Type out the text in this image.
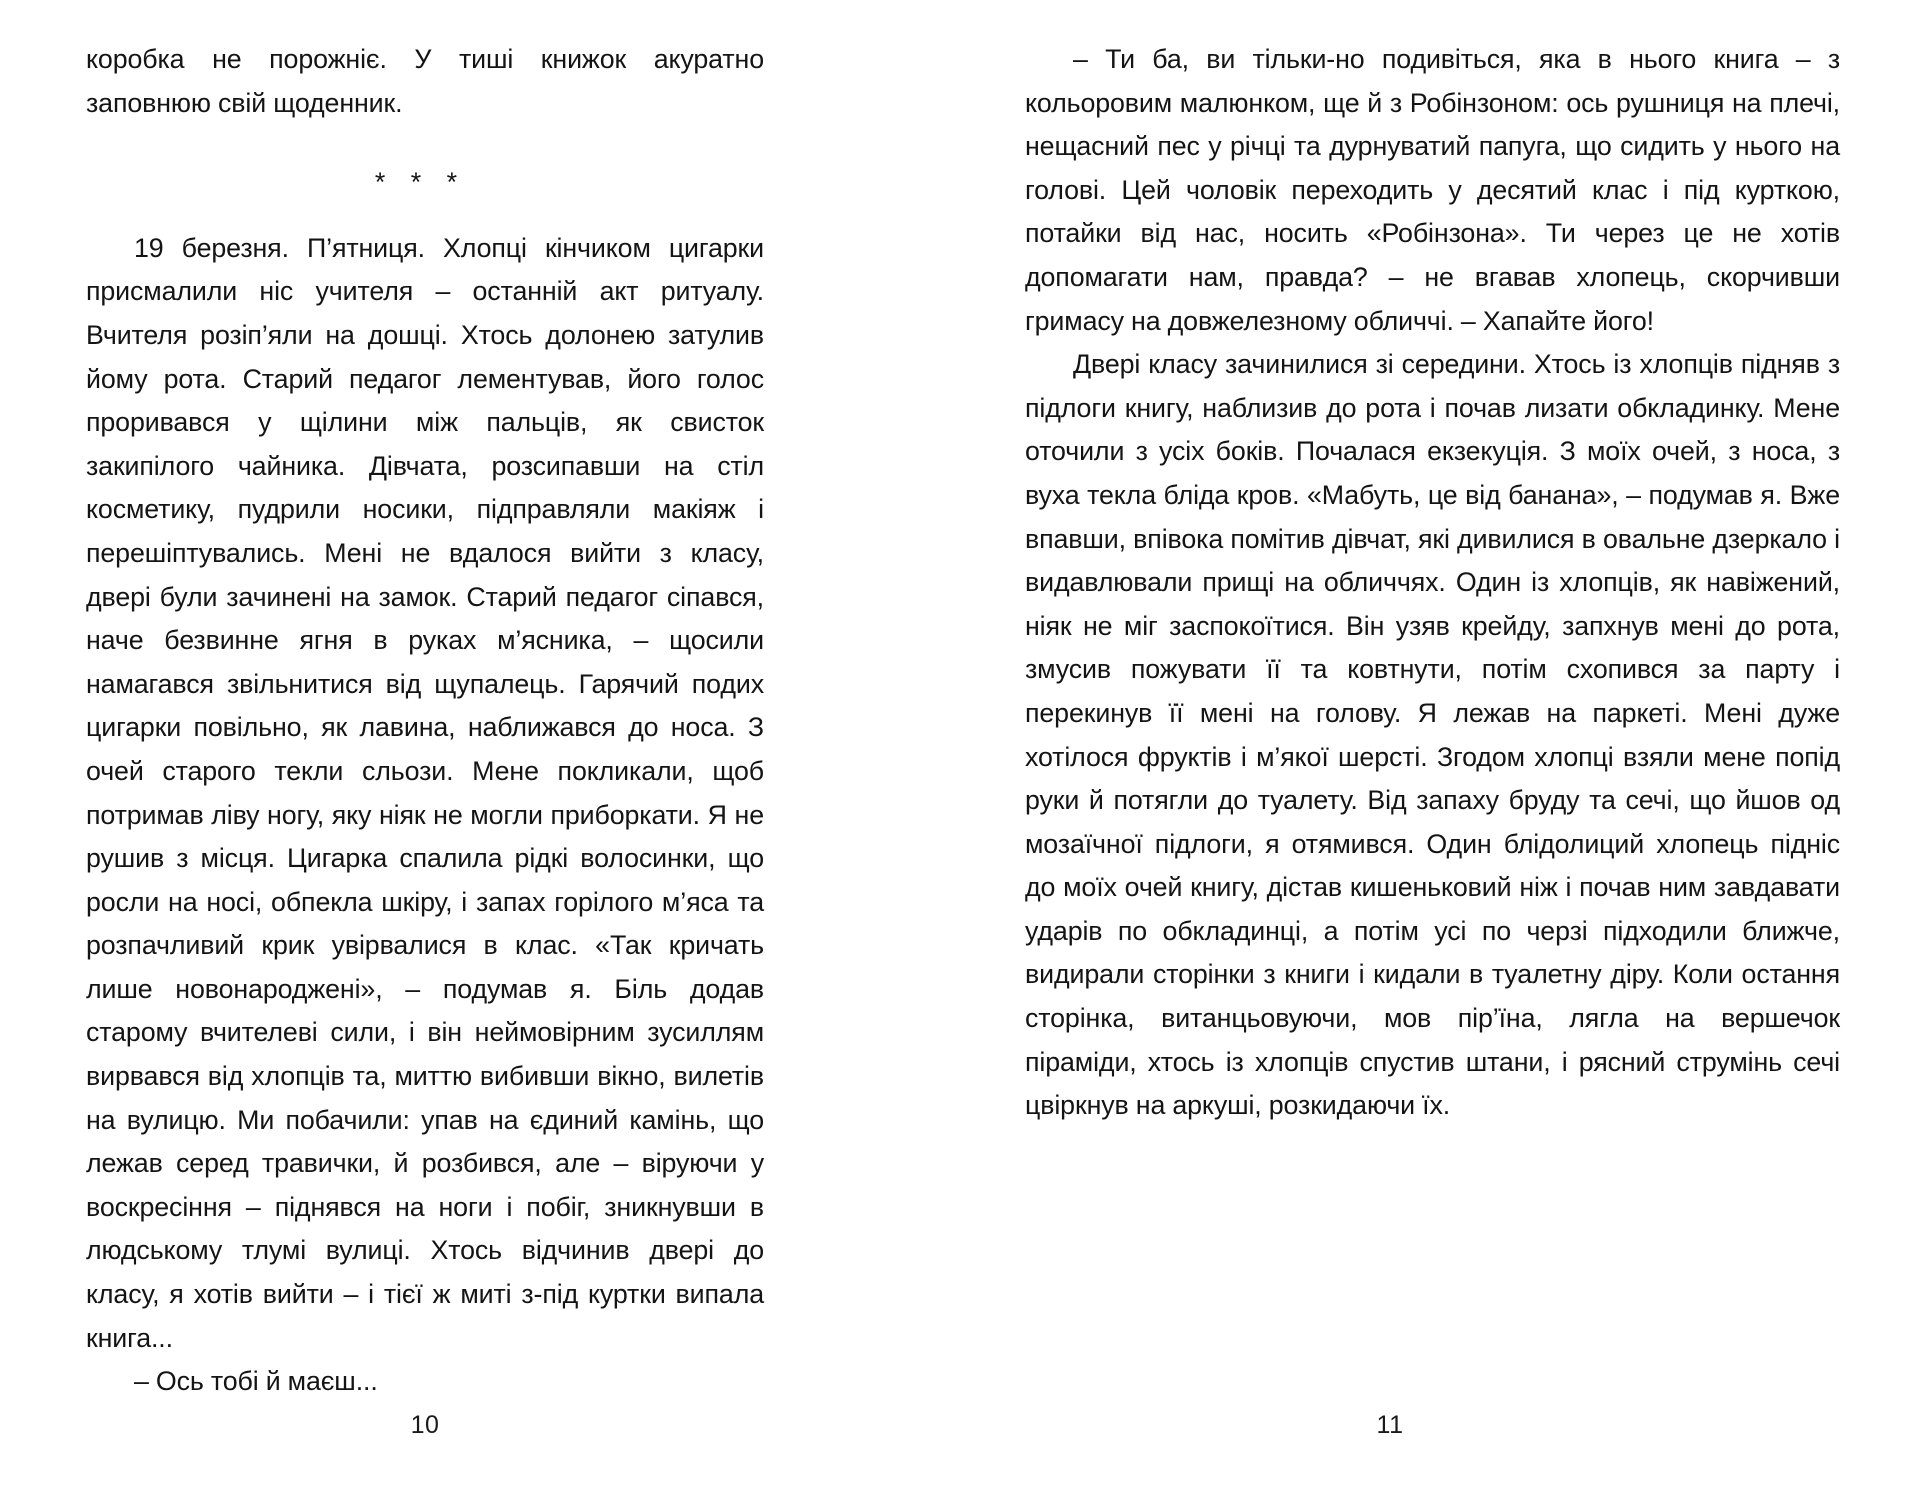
коробка не порожніє. У тиші книжок акуратно заповнюю свій щоденник.

* * *

19 березня. П’ятниця. Хлопці кінчиком цигарки присмалили ніс учителя – останній акт ритуалу. Вчителя розіп’яли на дошці. Хтось долонею затулив йому рота. Старий педагог лементував, його голос проривався у щілини між пальців, як свисток закипілого чайника. Дівчата, розсипавши на стіл косметику, пудрили носики, підправляли макіяж і перешіптувались. Мені не вдалося вийти з класу, двері були зачинені на замок. Старий педагог сіпався, наче безвинне ягня в руках м’ясника, – щосили намагався звільнитися від щупалець. Гарячий подих цигарки повільно, як лавина, наближався до носа. З очей старого текли сльози. Мене покликали, щоб потримав ліву ногу, яку ніяк не могли приборкати. Я не рушив з місця. Цигарка спалила рідкі волосинки, що росли на носі, обпекла шкіру, і запах горілого м’яса та розпачливий крик увірвалися в клас. «Так кричать лише новонароджені», – подумав я. Біль додав старому вчителеві сили, і він неймовірним зусиллям вирвався від хлопців та, миттю вибивши вікно, вилетів на вулицю. Ми побачили: упав на єдиний камінь, що лежав серед травички, й розбився, але – віруючи у воскресіння – піднявся на ноги і побіг, зникнувши в людському тлумі вулиці. Хтось відчинив двері до класу, я хотів вийти – і тієї ж миті з-під куртки випала книга...

– Ось тобі й маєш...

10

– Ти ба, ви тільки-но подивіться, яка в нього книга – з кольоровим малюнком, ще й з Робінзоном: ось рушниця на плечі, нещасний пес у річці та дурнуватий папуга, що сидить у нього на голові. Цей чоловік переходить у десятий клас і під курткою, потайки від нас, носить «Робінзона». Ти через це не хотів допомагати нам, правда? – не вгавав хлопець, скорчивши гримасу на довжелезному обличчі. – Хапайте його!

Двері класу зачинилися зі середини. Хтось із хлопців підняв з підлоги книгу, наблизив до рота і почав лизати обкладинку. Мене оточили з усіх боків. Почалася екзекуція. З моїх очей, з носа, з вуха текла бліда кров. «Мабуть, це від банана», – подумав я. Вже впавши, впівока помітив дівчат, які дивилися в овальне дзеркало і видавлювали прищі на обличчях. Один із хлопців, як навіжений, ніяк не міг заспокоїтися. Він узяв крейду, запхнув мені до рота, змусив пожувати її та ковтнути, потім схопився за парту і перекинув її мені на голову. Я лежав на паркеті. Мені дуже хотілося фруктів і м’якої шерсті. Згодом хлопці взяли мене попід руки й потягли до туалету. Від запаху бруду та сечі, що йшов од мозаїчної підлоги, я отямився. Один блідолиций хлопець підніс до моїх очей книгу, дістав кишеньковий ніж і почав ним завдавати ударів по обкладинці, а потім усі по черзі підходили ближче, видирали сторінки з книги і кидали в туалетну діру. Коли остання сторінка, витанцьовуючи, мов пір’їна, лягла на вершечок піраміди, хтось із хлопців спустив штани, і рясний струмінь сечі цвіркнув на аркуші, розкидаючи їх.

11
